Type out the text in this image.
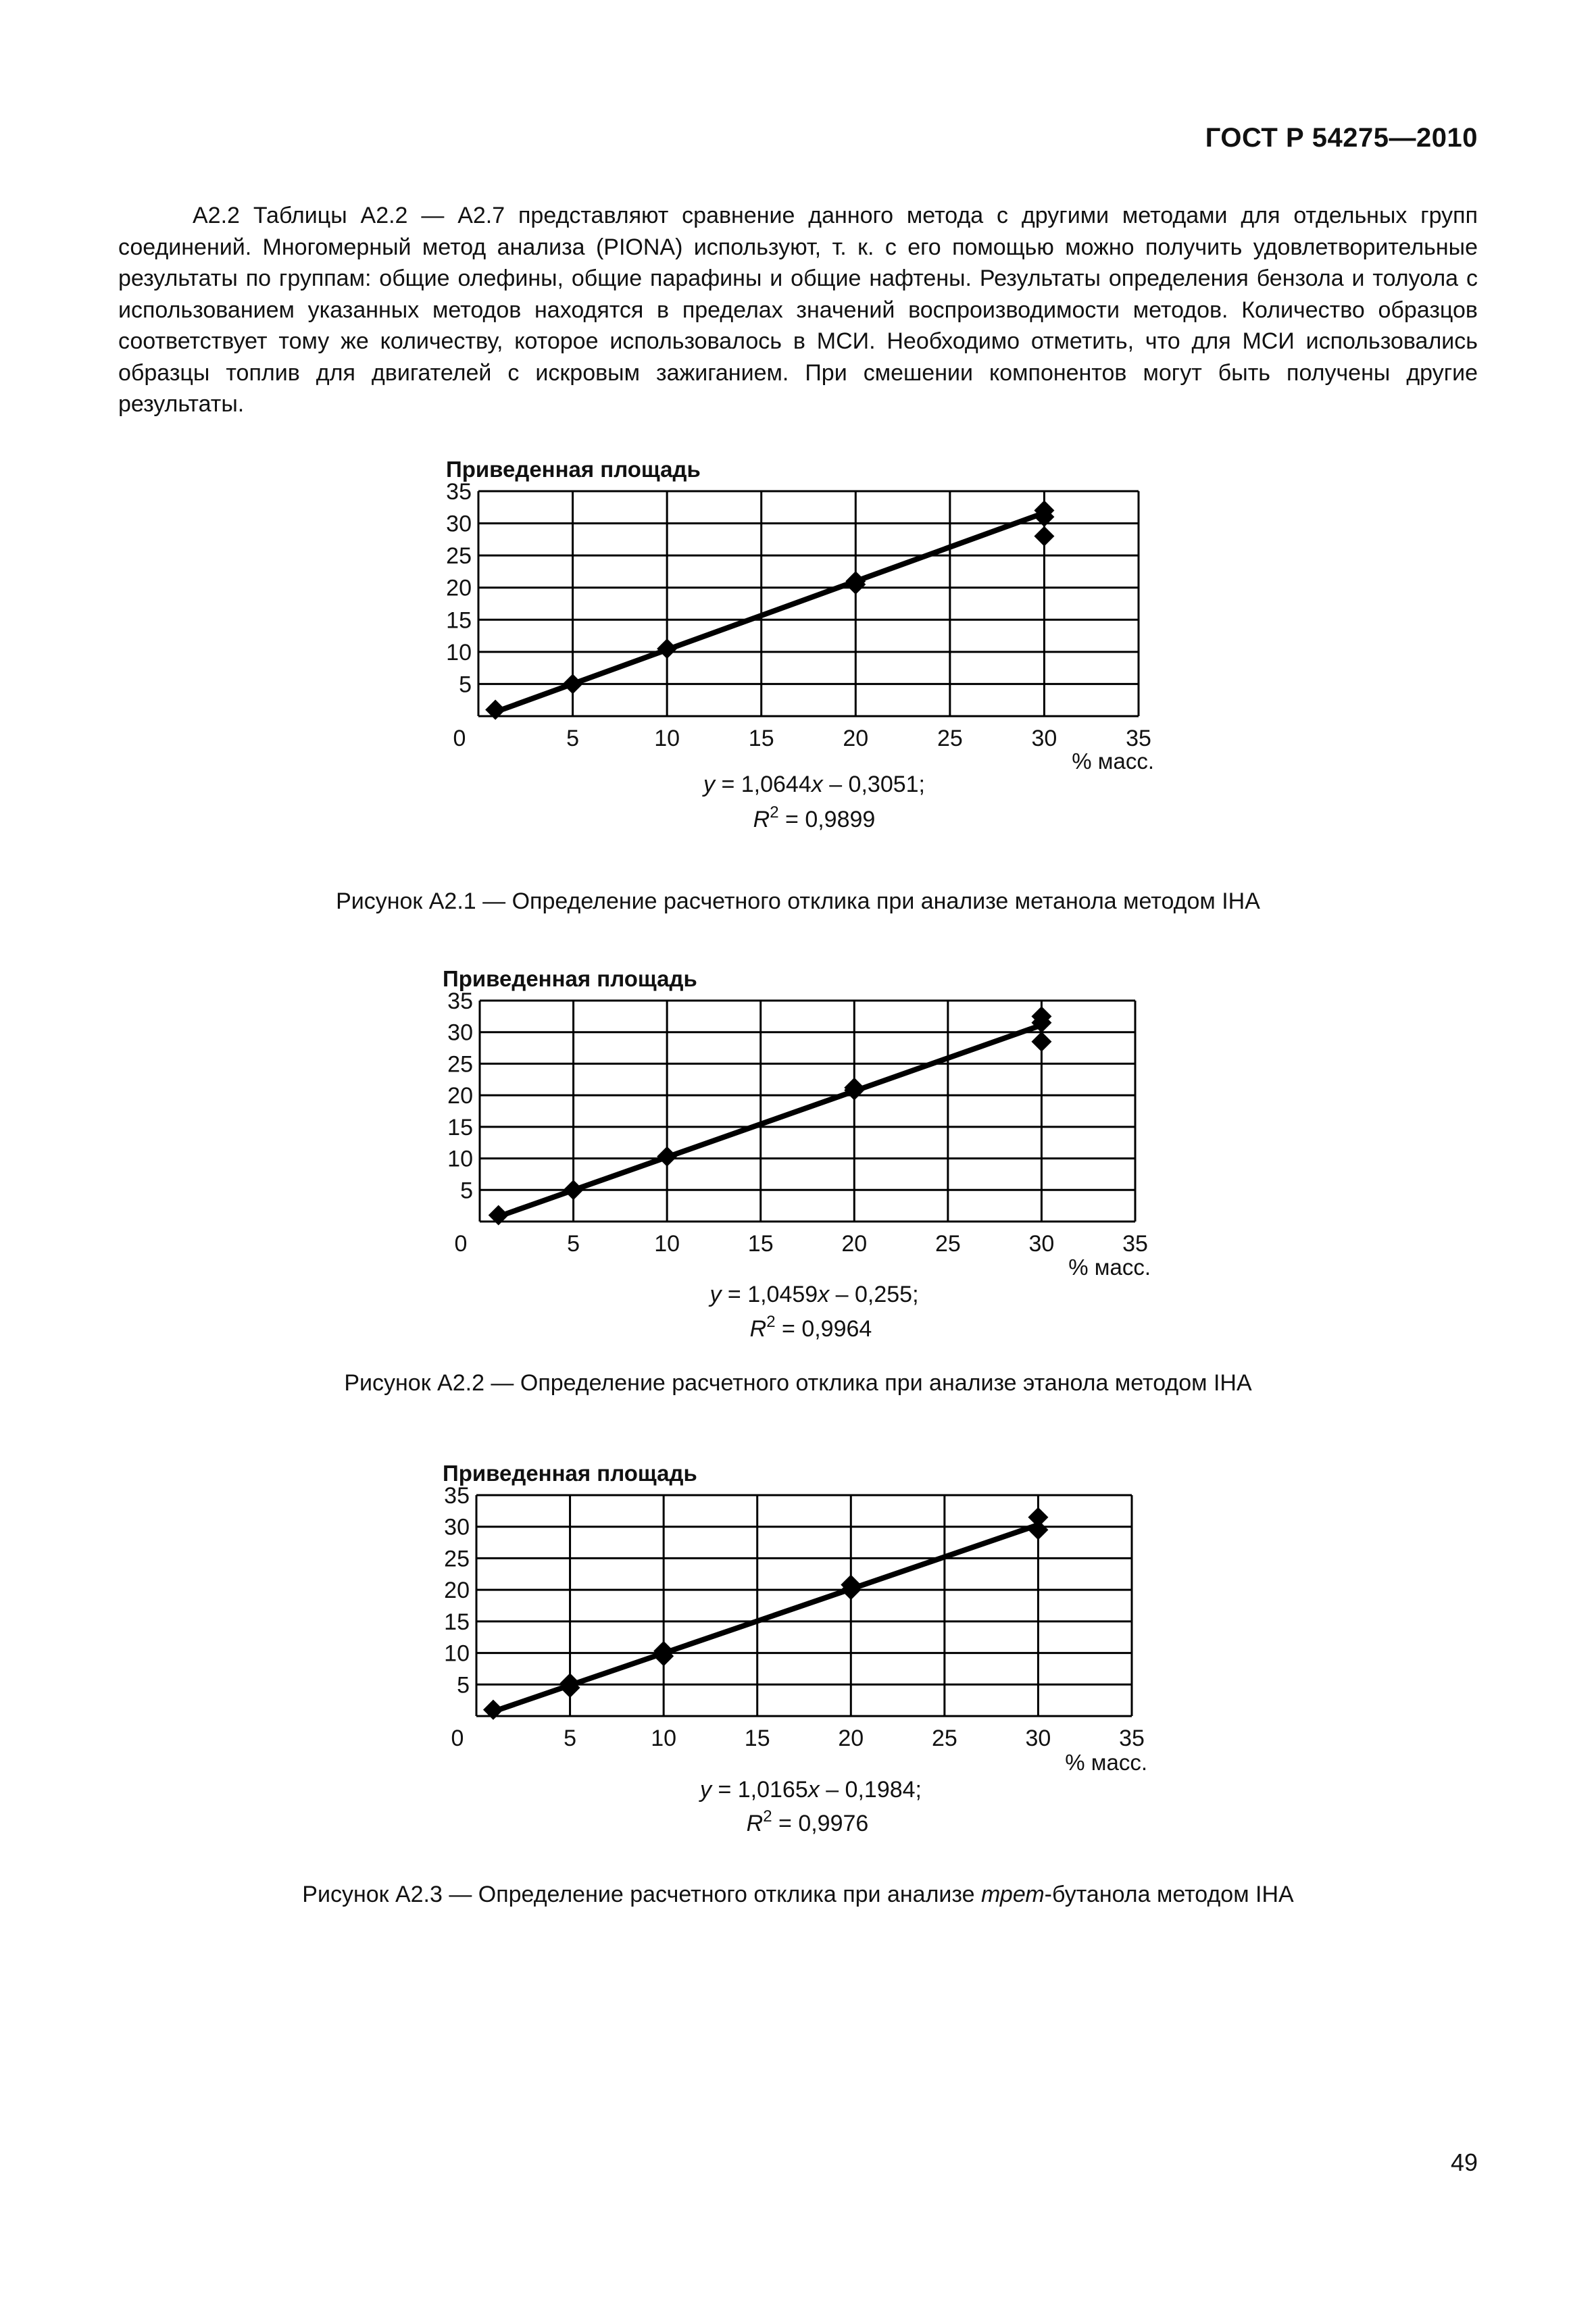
ГОСТ Р 54275—2010

А2.2 Таблицы А2.2 — А2.7 представляют сравнение данного метода с другими методами для отдельных групп соединений. Многомерный метод анализа (PIONA) используют, т. к. с его помощью можно получить удовлетворительные результаты по группам: общие олефины, общие парафины и общие нафтены. Результаты определения бензола и толуола с использованием указанных методов находятся в пределах значений воспроизводимости методов. Количество образцов соответствует тому же количеству, которое использовалось в МСИ. Необходимо отметить, что для МСИ использовались образцы топлив для двигателей с искровым зажиганием. При смешении компонентов могут быть получены другие результаты.

5
10
15
20
25
30
35
0	5	10	15	20	25	30	35
Приведенная площадь
% масс.
y = 1,0644x – 0,3051;
$R^2 = 0,9899$

Рисунок А2.1 — Определение расчетного отклика при анализе метанола методом IHA

5
10
15
20
25
30
35
0	5	10	15	20	25	30	35
Приведенная площадь
% масс.
y = 1,0459x – 0,255;
$R^2 = 0,9964$

Рисунок А2.2 — Определение расчетного отклика при анализе этанола методом IHA

5
10
15
20
25
30
35
0	5	10	15	20	25	30	35
Приведенная площадь
% масс.
y = 1,0165x – 0,1984;
$R^2 = 0,9976$

Рисунок А2.3 — Определение расчетного отклика при анализе трет-бутанола методом IHA

49
